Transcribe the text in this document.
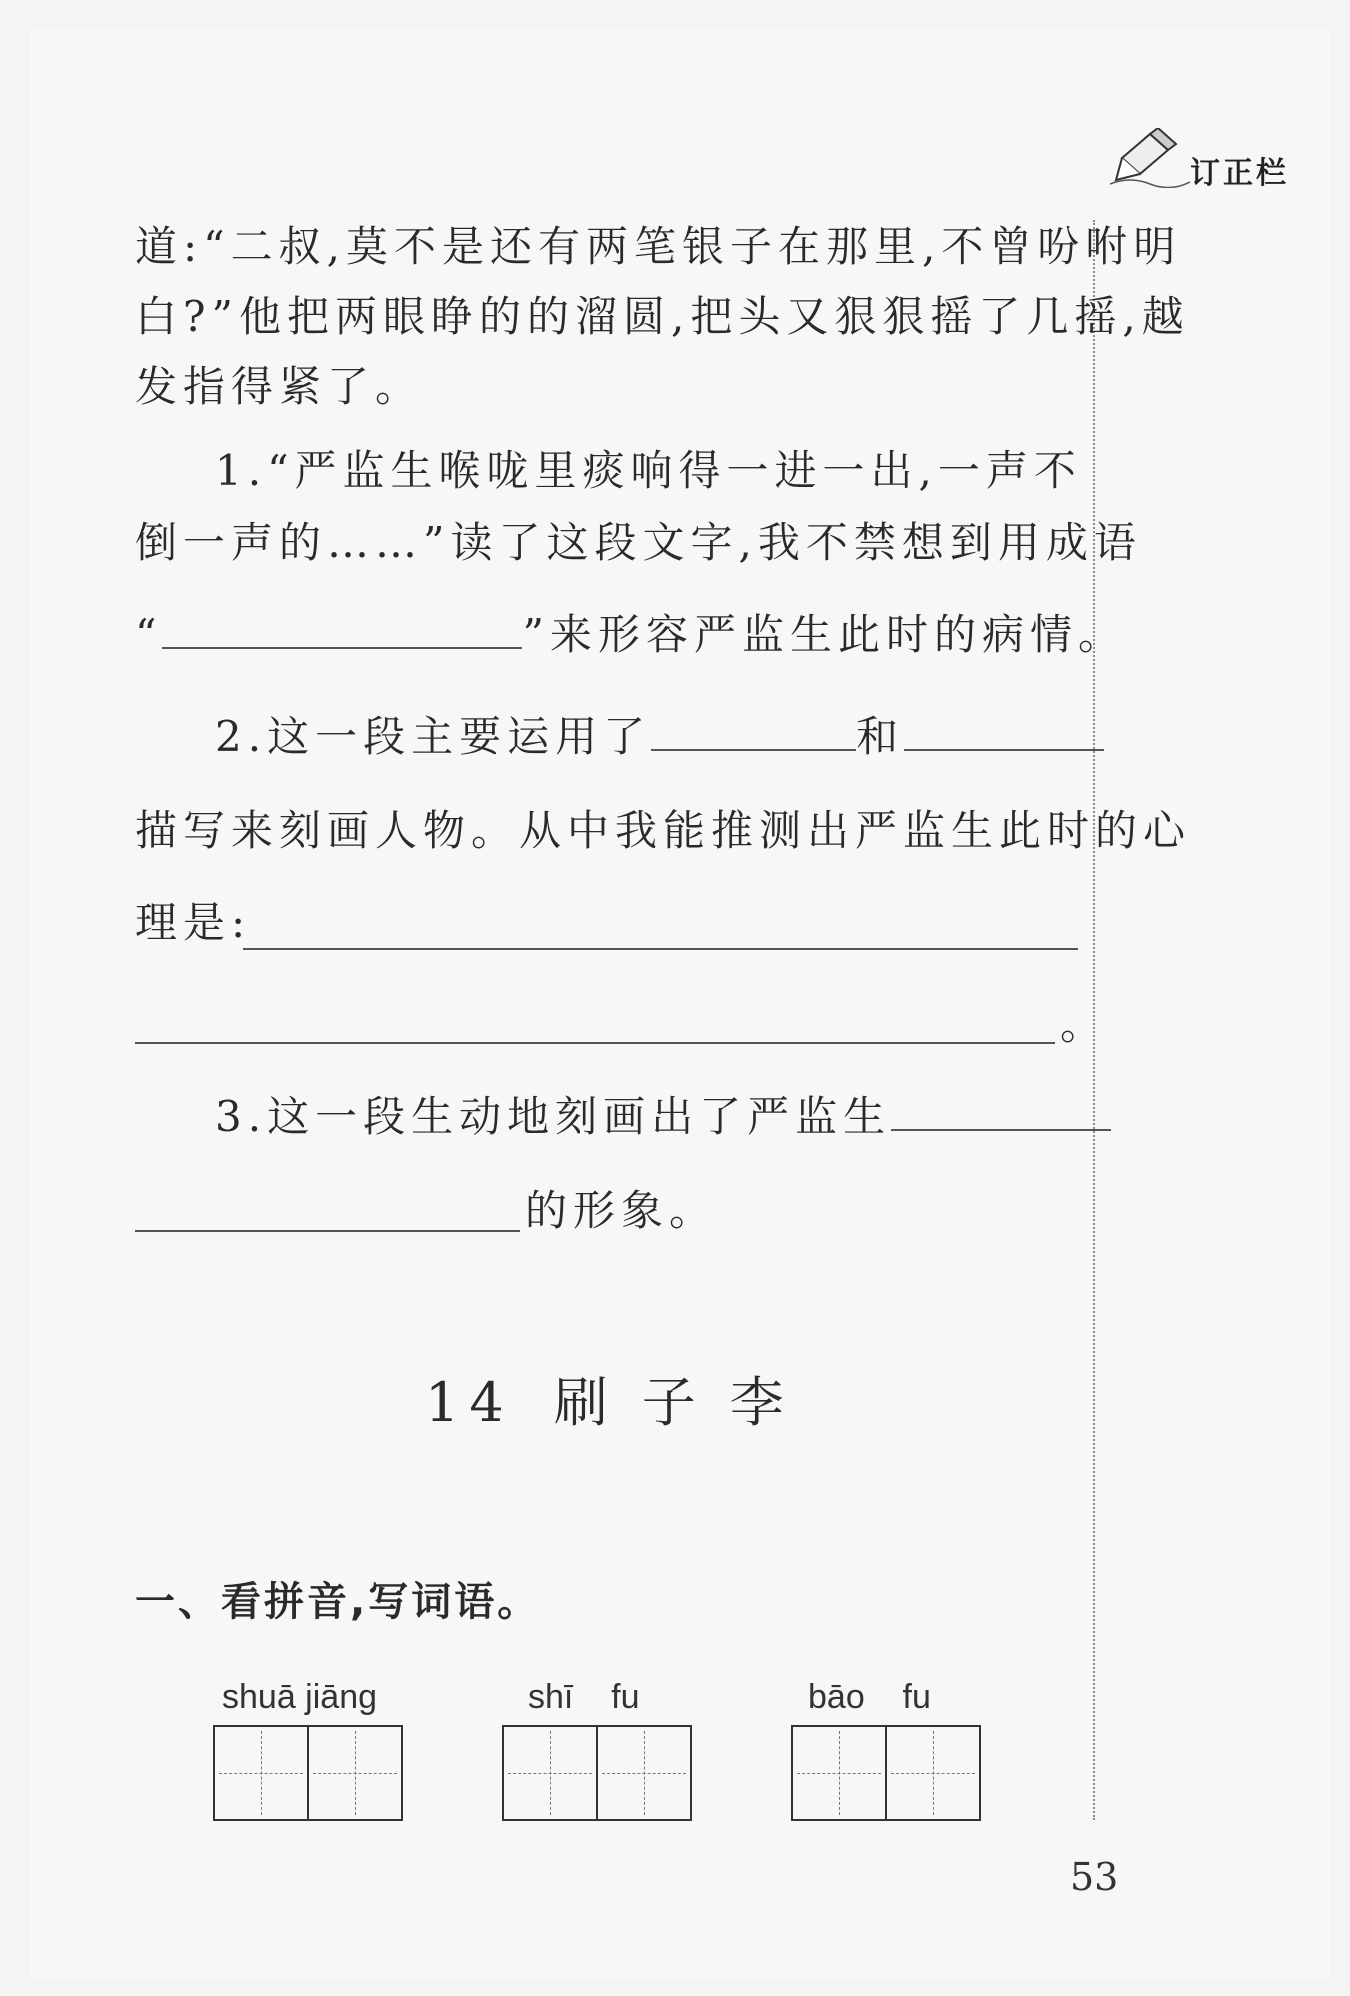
订正栏
道:“二叔,莫不是还有两笔银子在那里,不曾吩咐明
白?”他把两眼睁的的溜圆,把头又狠狠摇了几摇,越
发指得紧了。
1.“严监生喉咙里痰响得一进一出,一声不
倒一声的……”读了这段文字,我不禁想到用成语
“	”来形容严监生此时的病情。
2.这一段主要运用了	和
描写来刻画人物。从中我能推测出严监生此时的心
理是:
。
3.这一段生动地刻画出了严监生
的形象。
14 刷子李
一、看拼音,写词语。
shuā jiāng	shī    fu	bāo    fu
53
